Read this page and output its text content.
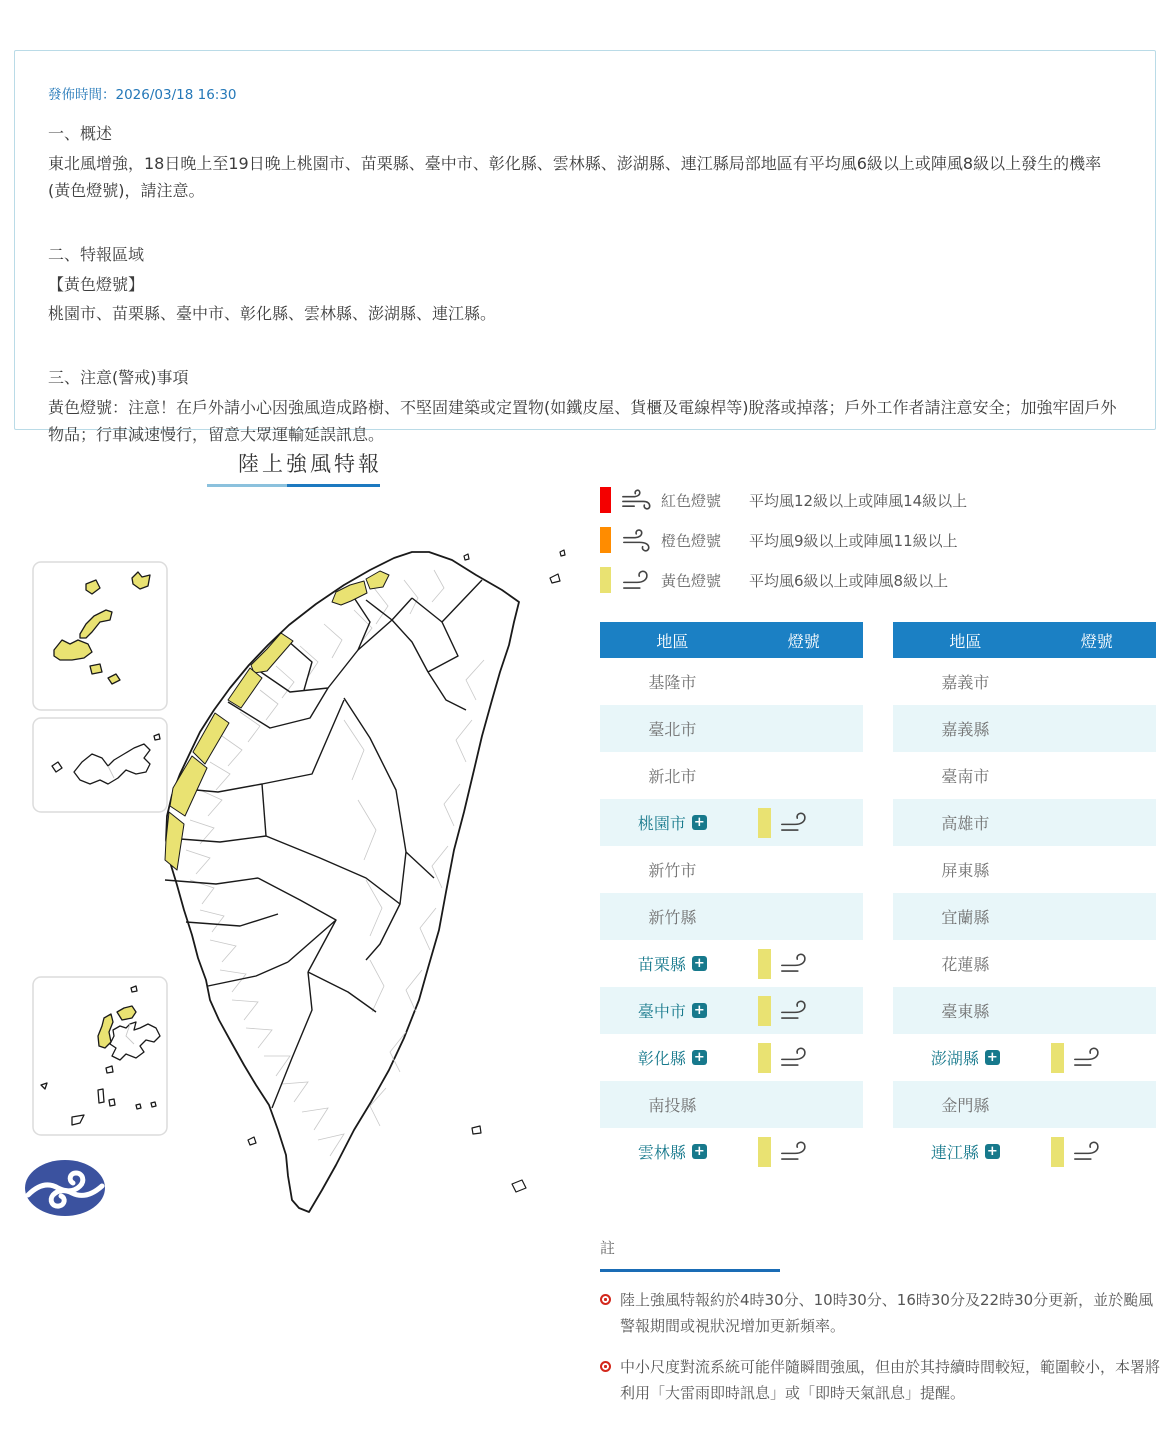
發佈時間：2026/03/18 16:30
一、概述

東北風增強，18日晚上至19日晚上桃園市、苗栗縣、臺中市、彰化縣、雲林縣、澎湖縣、連江縣局部地區有平均風6級以上或陣風8級以上發生的機率(黃色燈號)，請注意。

二、特報區域

【黃色燈號】

桃園市、苗栗縣、臺中市、彰化縣、雲林縣、澎湖縣、連江縣。

三、注意(警戒)事項

黃色燈號：注意！在戶外請小心因強風造成路樹、不堅固建築或定置物(如鐵皮屋、貨櫃及電線桿等)脫落或掉落；戶外工作者請注意安全；加強牢固戶外物品；行車減速慢行，留意大眾運輸延誤訊息。

陸上強風特報
紅色燈號	平均風12級以上或陣風14級以上
橙色燈號	平均風9級以上或陣風11級以上
黃色燈號	平均風6級以上或陣風8級以上
地區	燈號
基隆市
臺北市
新北市
桃園市 +
新竹市
新竹縣
苗栗縣 +
臺中市 +
彰化縣 +
南投縣
雲林縣 +
地區	燈號
嘉義市
嘉義縣
臺南市
高雄市
屏東縣
宜蘭縣
花蓮縣
臺東縣
澎湖縣 +
金門縣
連江縣 +
註
陸上強風特報約於4時30分、10時30分、16時30分及22時30分更新，並於颱風警報期間或視狀況增加更新頻率。
中小尺度對流系統可能伴隨瞬間強風，但由於其持續時間較短，範圍較小，本署將利用「大雷雨即時訊息」或「即時天氣訊息」提醒。
